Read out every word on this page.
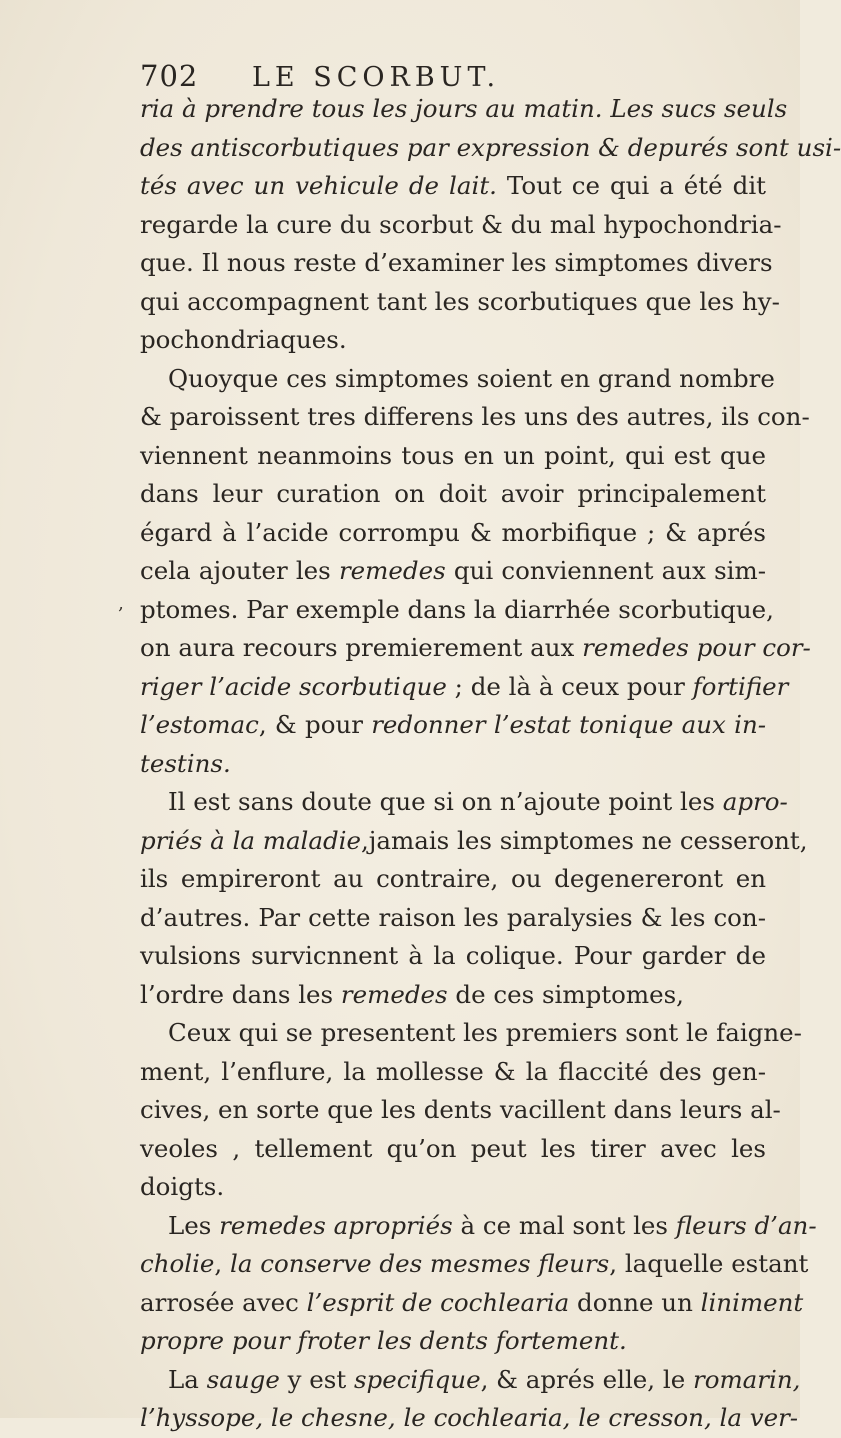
702 LE SCORBUT.
‚
ria à prendre tous les jours au matin. Les sucs seuls
des antiscorbutiques par expression & depurés sont usi-
tés avec un vehicule de lait. Tout ce qui a été dit
regarde la cure du scorbut & du mal hypochondria-
que. Il nous reste d’examiner les simptomes divers
qui accompagnent tant les scorbutiques que les hy-
pochondriaques.
Quoyque ces simptomes soient en grand nombre
& paroissent tres differens les uns des autres, ils con-
viennent neanmoins tous en un point, qui est que
dans leur curation on doit avoir principalement
égard à l’acide corrompu & morbifique ; & aprés
cela ajouter les remedes qui conviennent aux sim-
ptomes. Par exemple dans la diarrhée scorbutique,
on aura recours premierement aux remedes pour cor-
riger l’acide scorbutique ; de là à ceux pour fortifier
l’estomac, & pour redonner l’estat tonique aux in-
testins.
Il est sans doute que si on n’ajoute point les apro-
priés à la maladie,jamais les simptomes ne cesseront,
ils empireront au contraire, ou degenereront en
d’autres. Par cette raison les paralysies & les con-
vulsions survicnnent à la colique. Pour garder de
l’ordre dans les remedes de ces simptomes,
Ceux qui se presentent les premiers sont le faigne-
ment, l’enflure, la mollesse & la flaccité des gen-
cives, en sorte que les dents vacillent dans leurs al-
veoles , tellement qu’on peut les tirer avec les
doigts.
Les remedes apropriés à ce mal sont les fleurs d’an-
cholie, la conserve des mesmes fleurs, laquelle estant
arrosée avec l’esprit de cochlearia donne un liniment
propre pour froter les dents fortement.
La sauge y est specifique, & aprés elle, le romarin,
l’hyssope, le chesne, le cochlearia, le cresson, la ver-
